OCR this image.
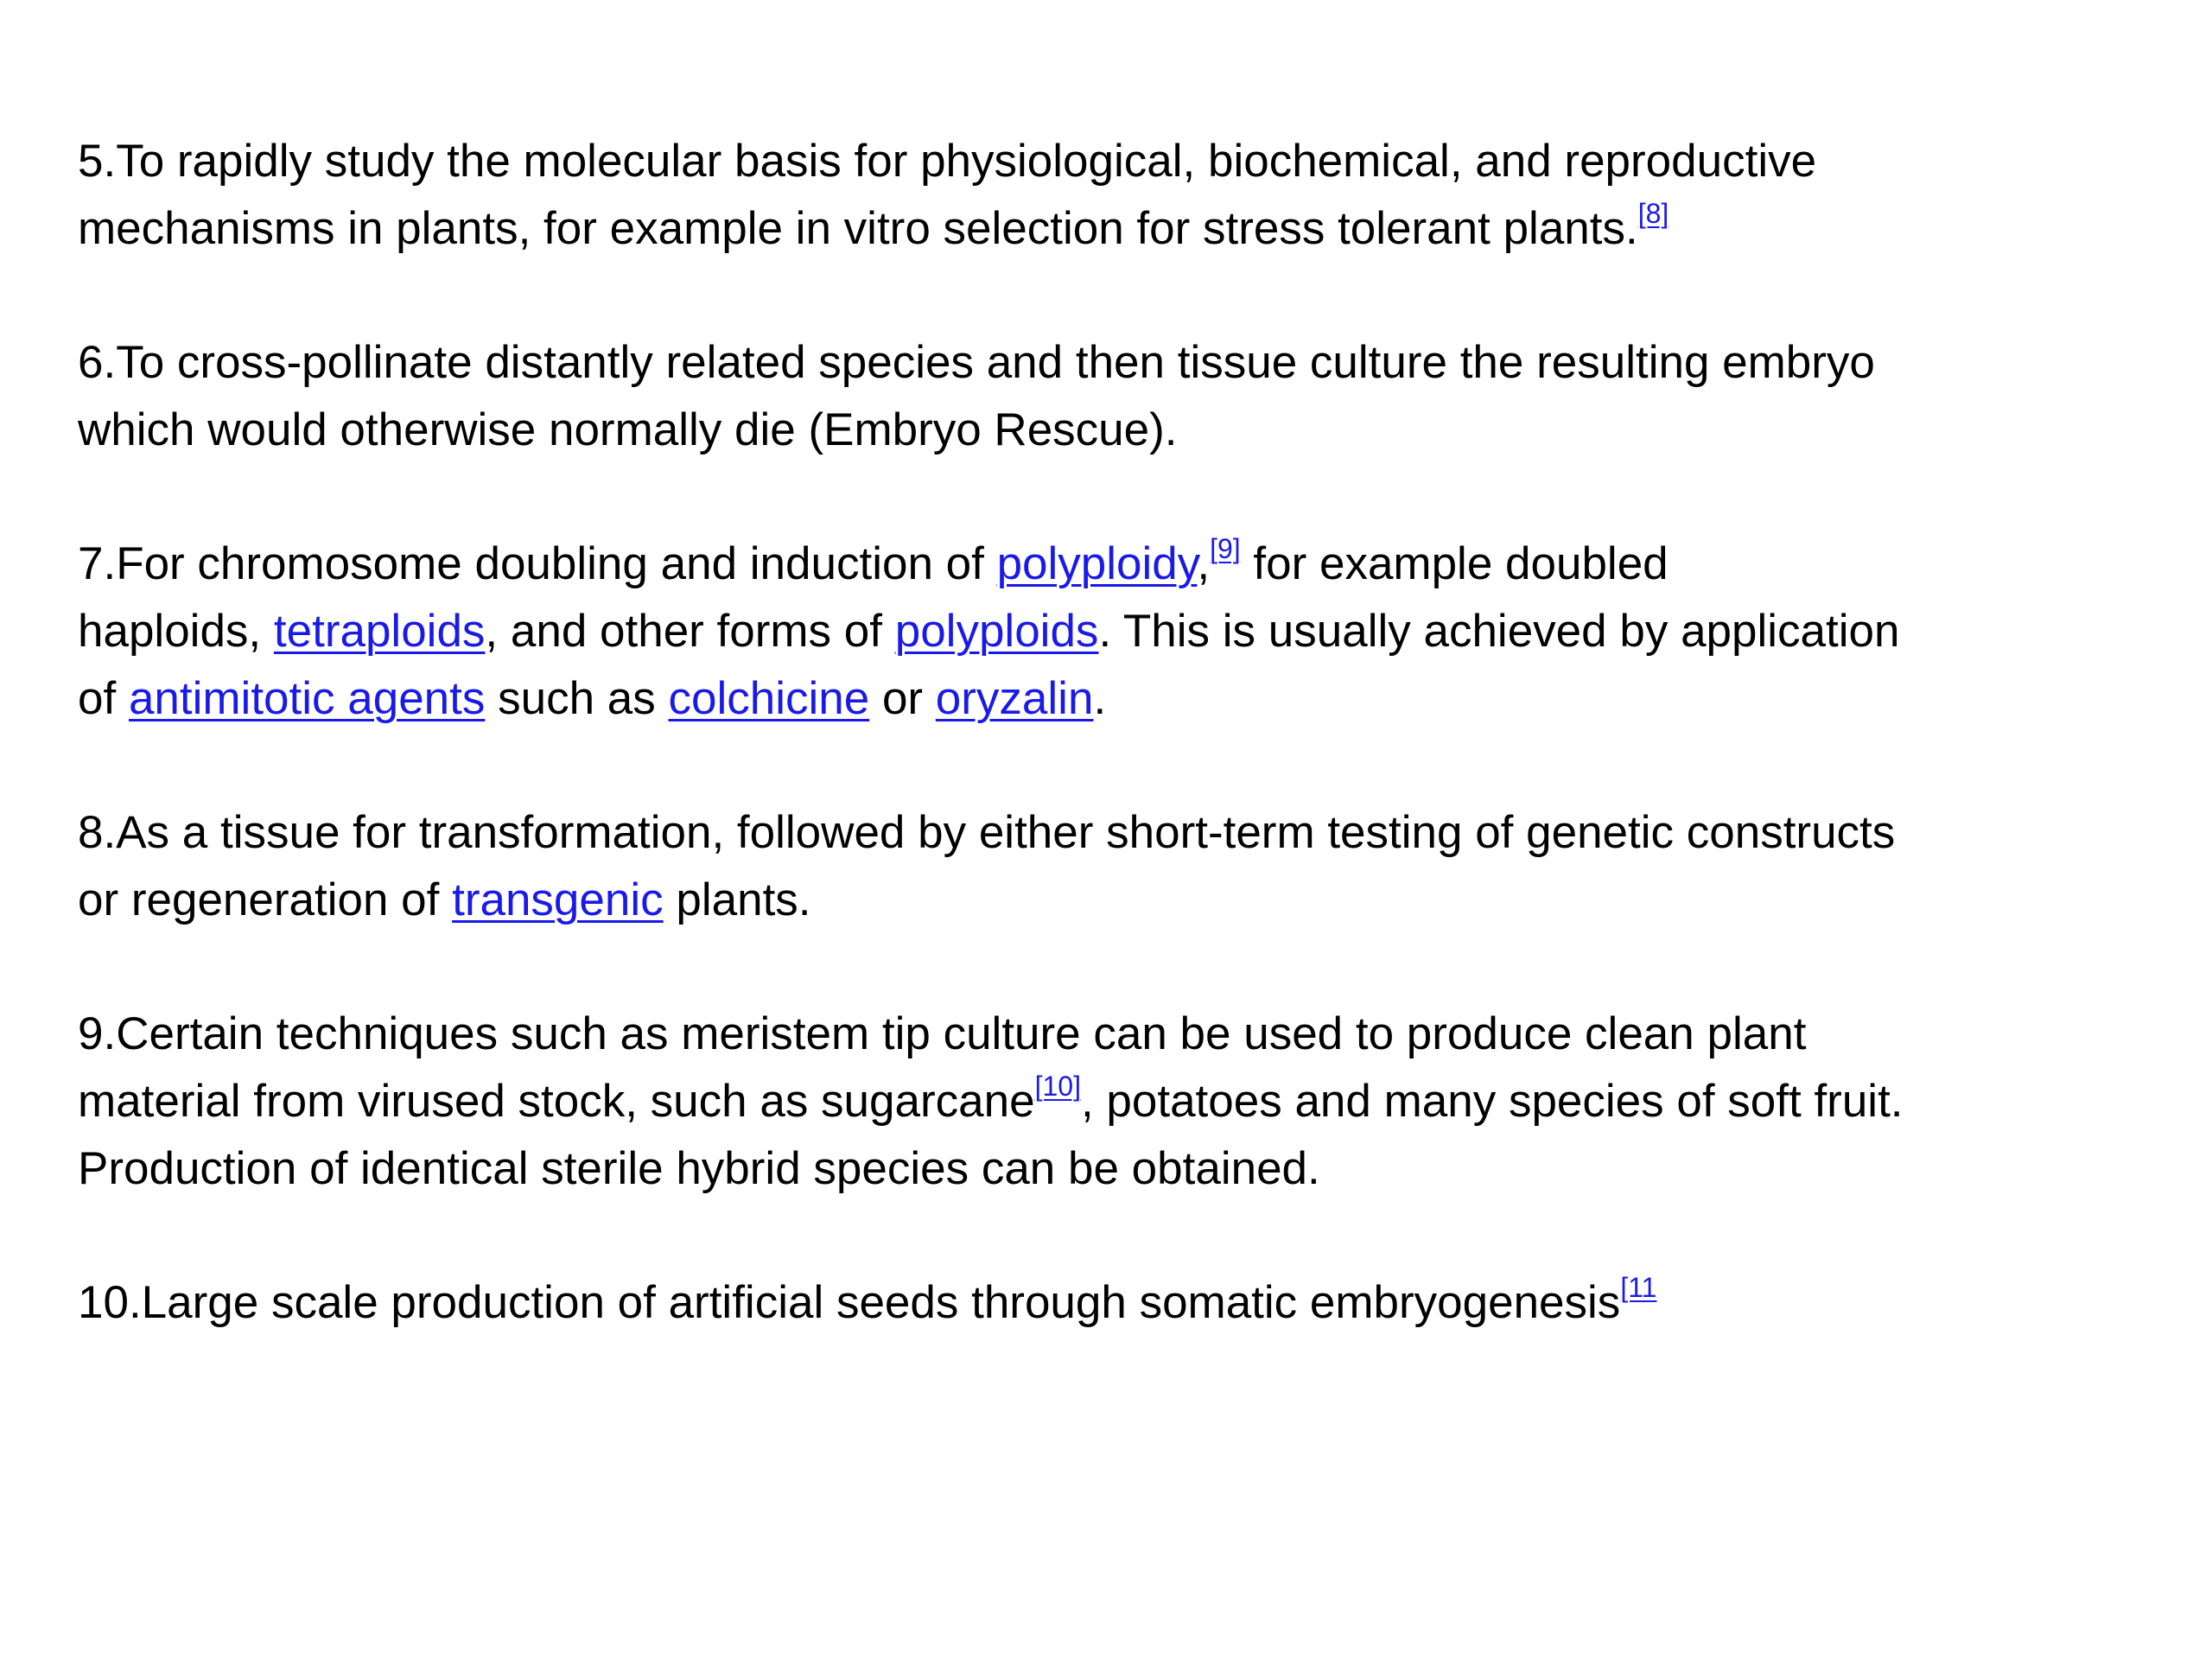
5.To rapidly study the molecular basis for physiological, biochemical, and reproductive
mechanisms in plants, for example in vitro selection for stress tolerant plants.[8]

6.To cross-pollinate distantly related species and then tissue culture the resulting embryo
which would otherwise normally die (Embryo Rescue).

7.For chromosome doubling and induction of polyploidy,[9] for example doubled
haploids, tetraploids, and other forms of polyploids. This is usually achieved by application
of antimitotic agents such as colchicine or oryzalin.

8.As a tissue for transformation, followed by either short-term testing of genetic constructs
or regeneration of transgenic plants.

9.Certain techniques such as meristem tip culture can be used to produce clean plant
material from virused stock, such as sugarcane[10], potatoes and many species of soft fruit.
Production of identical sterile hybrid species can be obtained.

10.Large scale production of artificial seeds through somatic embryogenesis$^{[11}$
